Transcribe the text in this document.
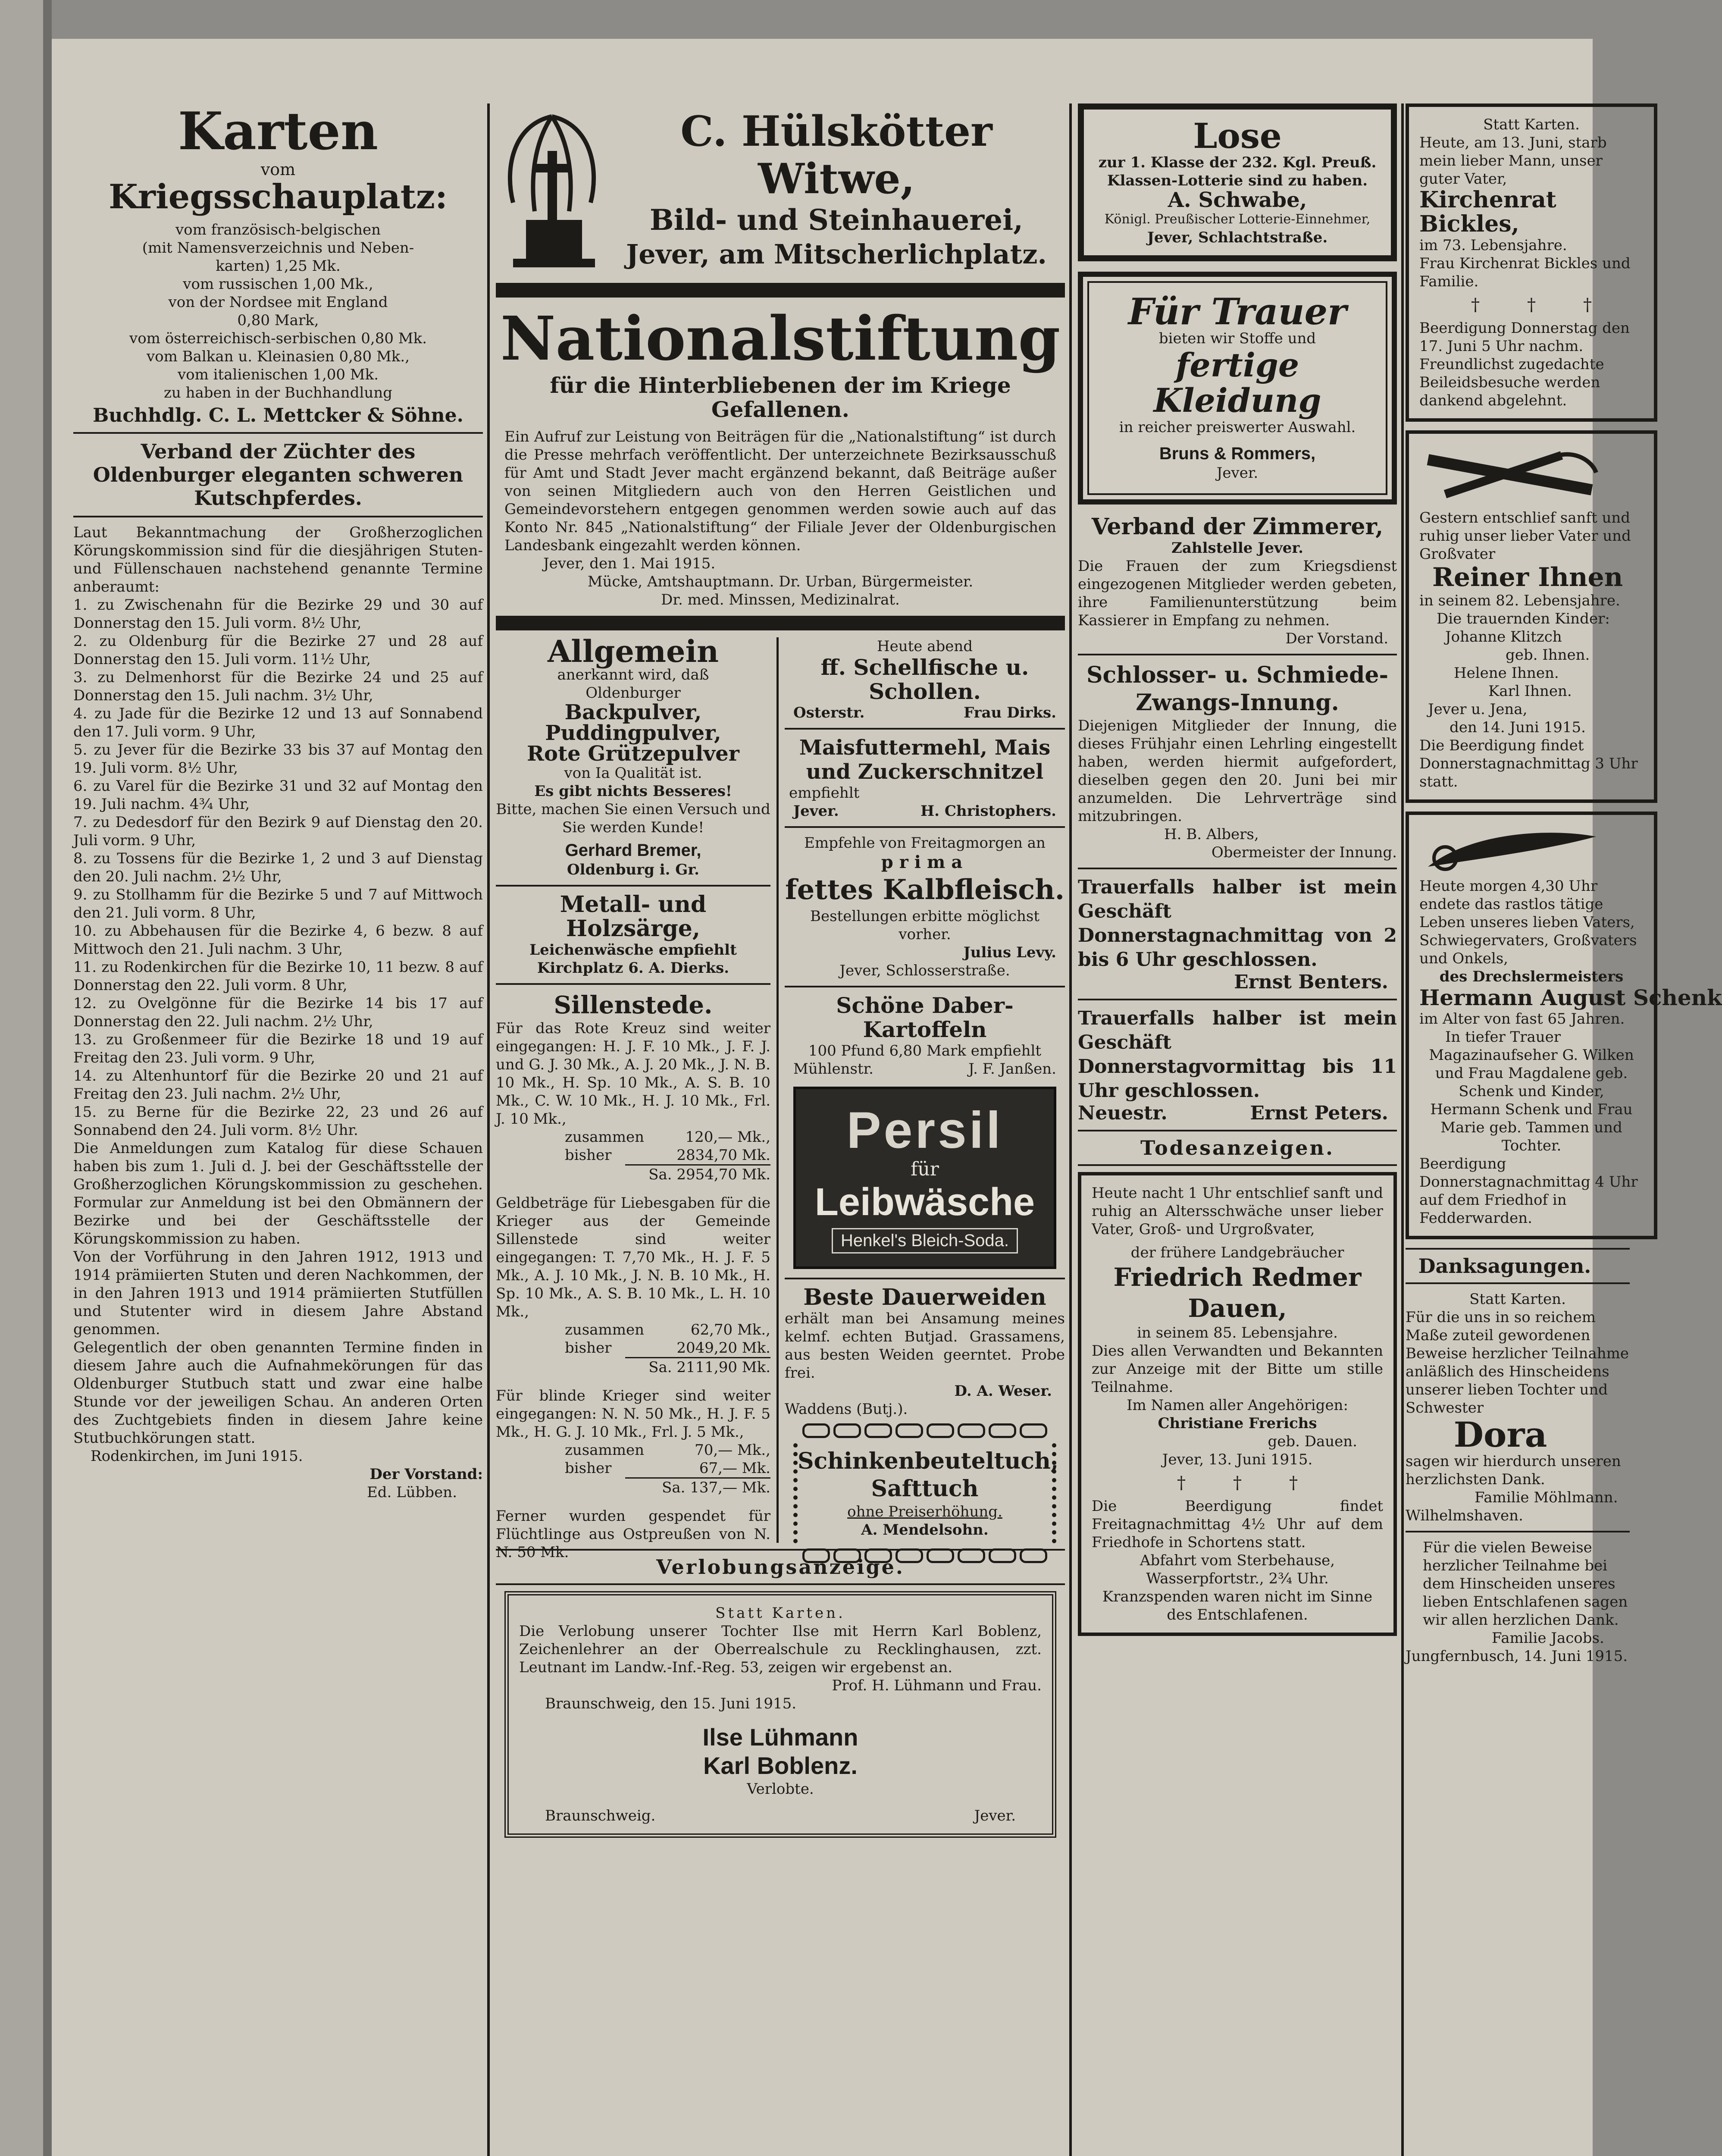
Karten

vom

Kriegsschauplatz:

vom französisch-belgischen

(mit Namensverzeichnis und Neben-

karten) 1,25 Mk.

vom russischen 1,00 Mk.,

von der Nordsee mit England

0,80 Mark,

vom österreichisch-serbischen 0,80 Mk.

vom Balkan u. Kleinasien 0,80 Mk.,

vom italienischen 1,00 Mk.

zu haben in der Buchhandlung

Buchhdlg. C. L. Mettcker & Söhne.

Verband der Züchter des Oldenburger eleganten schweren Kutschpferdes.

Laut Bekanntmachung der Großherzoglichen Körungskommission sind für die diesjährigen Stuten- und Füllenschauen nachstehend genannte Termine anberaumt:

1. zu Zwischenahn für die Bezirke 29 und 30 auf Donnerstag den 15. Juli vorm. 8½ Uhr,

2. zu Oldenburg für die Bezirke 27 und 28 auf Donnerstag den 15. Juli vorm. 11½ Uhr,

3. zu Delmenhorst für die Bezirke 24 und 25 auf Donnerstag den 15. Juli nachm. 3½ Uhr,

4. zu Jade für die Bezirke 12 und 13 auf Sonnabend den 17. Juli vorm. 9 Uhr,

5. zu Jever für die Bezirke 33 bis 37 auf Montag den 19. Juli vorm. 8½ Uhr,

6. zu Varel für die Bezirke 31 und 32 auf Montag den 19. Juli nachm. 4¾ Uhr,

7. zu Dedesdorf für den Bezirk 9 auf Dienstag den 20. Juli vorm. 9 Uhr,

8. zu Tossens für die Bezirke 1, 2 und 3 auf Dienstag den 20. Juli nachm. 2½ Uhr,

9. zu Stollhamm für die Bezirke 5 und 7 auf Mittwoch den 21. Juli vorm. 8 Uhr,

10. zu Abbehausen für die Bezirke 4, 6 bezw. 8 auf Mittwoch den 21. Juli nachm. 3 Uhr,

11. zu Rodenkirchen für die Bezirke 10, 11 bezw. 8 auf Donnerstag den 22. Juli vorm. 8 Uhr,

12. zu Ovelgönne für die Bezirke 14 bis 17 auf Donnerstag den 22. Juli nachm. 2½ Uhr,

13. zu Großenmeer für die Bezirke 18 und 19 auf Freitag den 23. Juli vorm. 9 Uhr,

14. zu Altenhuntorf für die Bezirke 20 und 21 auf Freitag den 23. Juli nachm. 2½ Uhr,

15. zu Berne für die Bezirke 22, 23 und 26 auf Sonnabend den 24. Juli vorm. 8½ Uhr.

Die Anmeldungen zum Katalog für diese Schauen haben bis zum 1. Juli d. J. bei der Geschäftsstelle der Großherzoglichen Körungskommission zu geschehen. Formular zur Anmeldung ist bei den Obmännern der Bezirke und bei der Geschäftsstelle der Körungskommission zu haben.

Von der Vorführung in den Jahren 1912, 1913 und 1914 prämiierten Stuten und deren Nachkommen, der in den Jahren 1913 und 1914 prämiierten Stutfüllen und Stutenter wird in diesem Jahre Abstand genommen.

Gelegentlich der oben genannten Termine finden in diesem Jahre auch die Aufnahmekörungen für das Oldenburger Stutbuch statt und zwar eine halbe Stunde vor der jeweiligen Schau. An anderen Orten des Zuchtgebiets finden in diesem Jahre keine Stutbuchkörungen statt.

Rodenkirchen, im Juni 1915.

Der Vorstand:

Ed. Lübben.

C. Hülskötter Witwe,

Bild- und Steinhauerei,

Jever, am Mitscherlichplatz.

Nationalstiftung

für die Hinterbliebenen der im Kriege Gefallenen.

Ein Aufruf zur Leistung von Beiträgen für die „Nationalstiftung“ ist durch die Presse mehrfach veröffentlicht. Der unterzeichnete Bezirksausschuß für Amt und Stadt Jever macht ergänzend bekannt, daß Beiträge außer von seinen Mitgliedern auch von den Herren Geistlichen und Gemeindevorstehern entgegen genommen werden sowie auch auf das Konto Nr. 845 „Nationalstiftung“ der Filiale Jever der Oldenburgischen Landesbank eingezahlt werden können.

Jever, den 1. Mai 1915.

Mücke, Amtshauptmann. Dr. Urban, Bürgermeister.

Dr. med. Minssen, Medizinalrat.

Allgemein

anerkannt wird, daß

Oldenburger

Backpulver,

Puddingpulver,

Rote Grützepulver

von Ia Qualität ist.

Es gibt nichts Besseres!

Bitte, machen Sie einen Versuch und Sie werden Kunde!

Gerhard Bremer,

Oldenburg i. Gr.

Metall- und Holzsärge,

Leichenwäsche empfiehlt

Kirchplatz 6. A. Dierks.

Sillenstede.

Für das Rote Kreuz sind weiter eingegangen: H. J. F. 10 Mk., J. F. J. und G. J. 30 Mk., A. J. 20 Mk., J. N. B. 10 Mk., H. Sp. 10 Mk., A. S. B. 10 Mk., C. W. 10 Mk., H. J. 10 Mk., Frl. J. 10 Mk.,

zusammen	120,— Mk.,
bisher	2834,70 Mk.

Sa. 2954,70 Mk.

Geldbeträge für Liebesgaben für die Krieger aus der Gemeinde Sillenstede sind weiter eingegangen: T. 7,70 Mk., H. J. F. 5 Mk., A. J. 10 Mk., J. N. B. 10 Mk., H. Sp. 10 Mk., A. S. B. 10 Mk., L. H. 10 Mk.,

zusammen	62,70 Mk.,
bisher	2049,20 Mk.

Sa. 2111,90 Mk.

Für blinde Krieger sind weiter eingegangen: N. N. 50 Mk., H. J. F. 5 Mk., H. G. J. 10 Mk., Frl. J. 5 Mk.,

zusammen	70,— Mk.,
bisher	67,— Mk.

Sa. 137,— Mk.

Ferner wurden gespendet für Flüchtlinge aus Ostpreußen von N. N. 50 Mk.

Heute abend

ff. Schellfische u. Schollen.

Osterstr.	Frau Dirks.

Maisfuttermehl, Mais und Zuckerschnitzel

empfiehlt

Jever.	H. Christophers.

Empfehle von Freitagmorgen an

prima

fettes Kalbfleisch.

Bestellungen erbitte möglichst vorher.

Julius Levy.

Jever, Schlosserstraße.

Schöne Daber-Kartoffeln

100 Pfund 6,80 Mark empfiehlt

Mühlenstr.	J. F. Janßen.
Persil
für
Leibwäsche
Henkel's Bleich-Soda.

Beste Dauerweiden

erhält man bei Ansamung meines kelmf. echten Butjad. Grassamens, aus besten Weiden geerntet. Probe frei.

D. A. Weser.

Waddens (Butj.).

Schinkenbeuteltuch, Safttuch

ohne Preiserhöhung.

A. Mendelsohn.

Verlobungsanzeige.

Statt Karten.

Die Verlobung unserer Tochter Ilse mit Herrn Karl Boblenz, Zeichenlehrer an der Oberrealschule zu Recklinghausen, zzt. Leutnant im Landw.-Inf.-Reg. 53, zeigen wir ergebenst an.

Prof. H. Lühmann und Frau.

Braunschweig, den 15. Juni 1915.

Ilse Lühmann

Karl Boblenz.

Verlobte.

Braunschweig.	Jever.

Lose

zur 1. Klasse der 232. Kgl. Preuß. Klassen-Lotterie sind zu haben.

A. Schwabe,

Königl. Preußischer Lotterie-Einnehmer,

Jever, Schlachtstraße.

Für Trauer

bieten wir Stoffe und

fertige Kleidung

in reicher preiswerter Auswahl.

Bruns & Rommers,

Jever.

Verband der Zimmerer,

Zahlstelle Jever.

Die Frauen der zum Kriegsdienst eingezogenen Mitglieder werden gebeten, ihre Familienunterstützung beim Kassierer in Empfang zu nehmen.

Der Vorstand.

Schlosser- u. Schmiede-Zwangs-Innung.

Diejenigen Mitglieder der Innung, die dieses Frühjahr einen Lehrling eingestellt haben, werden hiermit aufgefordert, dieselben gegen den 20. Juni bei mir anzumelden. Die Lehrverträge sind mitzubringen.

H. B. Albers,

Obermeister der Innung.

Trauerfalls halber ist mein Geschäft Donnerstagnachmittag von 2 bis 6 Uhr geschlossen.

Ernst Benters.

Trauerfalls halber ist mein Geschäft Donnerstagvormittag bis 11 Uhr geschlossen.

Neuestr.	Ernst Peters.

Todesanzeigen.

Heute nacht 1 Uhr entschlief sanft und ruhig an Altersschwäche unser lieber Vater, Groß- und Urgroßvater,

der frühere Landgebräucher

Friedrich Redmer Dauen,

in seinem 85. Lebensjahre.

Dies allen Verwandten und Bekannten zur Anzeige mit der Bitte um stille Teilnahme.

Im Namen aller Angehörigen:

Christiane Frerichs

geb. Dauen.

Jever, 13. Juni 1915.

†	†	†

Die Beerdigung findet Freitagnachmittag 4½ Uhr auf dem Friedhofe in Schortens statt.

Abfahrt vom Sterbehause, Wasserpfortstr., 2¾ Uhr.

Kranzspenden waren nicht im Sinne des Entschlafenen.

Statt Karten.

Heute, am 13. Juni, starb mein lieber Mann, unser guter Vater,

Kirchenrat Bickles,

im 73. Lebensjahre.

Frau Kirchenrat Bickles und Familie.

†	†	†

Beerdigung Donnerstag den 17. Juni 5 Uhr nachm.

Freundlichst zugedachte Beileidsbesuche werden dankend abgelehnt.

Gestern entschlief sanft und ruhig unser lieber Vater und Großvater

Reiner Ihnen

in seinem 82. Lebensjahre.

Die trauernden Kinder:

Johanne Klitzch

geb. Ihnen.

Helene Ihnen.

Karl Ihnen.

Jever u. Jena,

den 14. Juni 1915.

Die Beerdigung findet Donnerstagnachmittag 3 Uhr statt.

Heute morgen 4,30 Uhr endete das rastlos tätige Leben unseres lieben Vaters, Schwiegervaters, Großvaters und Onkels,

des Drechslermeisters

Hermann August Schenk

im Alter von fast 65 Jahren.

In tiefer Trauer

Magazinaufseher G. Wilken und Frau Magdalene geb. Schenk und Kinder,

Hermann Schenk und Frau Marie geb. Tammen und Tochter.

Beerdigung Donnerstagnachmittag 4 Uhr auf dem Friedhof in Fedderwarden.

Danksagungen.

Statt Karten.

Für die uns in so reichem Maße zuteil gewordenen Beweise herzlicher Teilnahme anläßlich des Hinscheidens unserer lieben Tochter und Schwester

Dora

sagen wir hierdurch unseren herzlichsten Dank.

Familie Möhlmann.

Wilhelmshaven.

Für die vielen Beweise herzlicher Teilnahme bei dem Hinscheiden unseres lieben Entschlafenen sagen wir allen herzlichen Dank.

Familie Jacobs.

Jungfernbusch, 14. Juni 1915.
